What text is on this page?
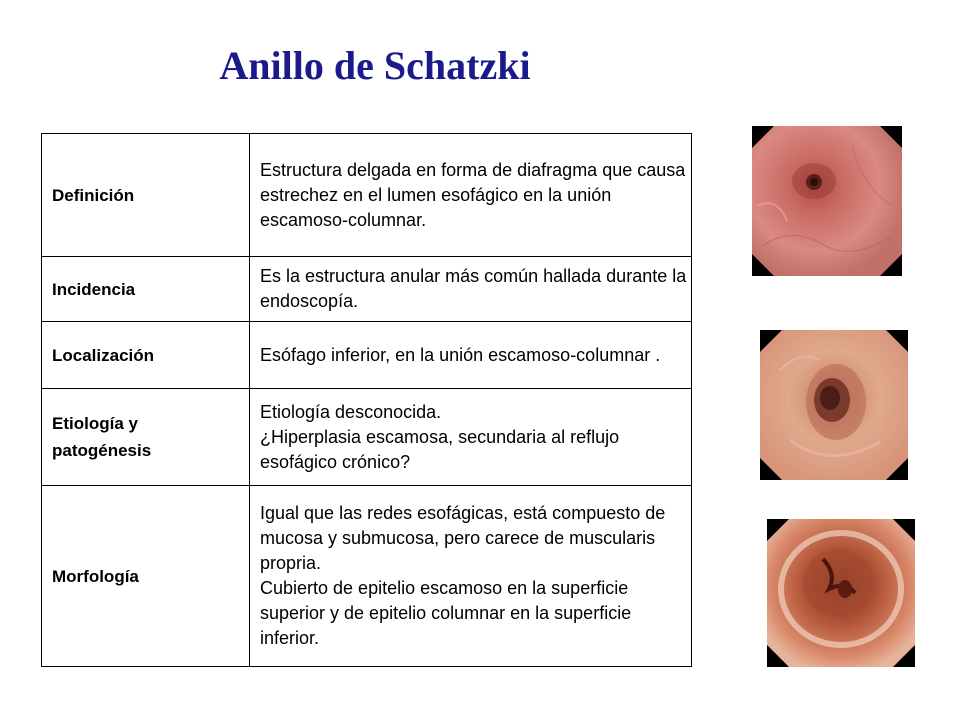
Anillo de Schatzki
Definición	Estructura delgada en forma de diafragma que causa estrechez en el lumen esofágico en la unión escamoso-columnar.
Incidencia	Es la estructura anular más común hallada durante la endoscopía.
Localización	Esófago inferior, en la unión escamoso-columnar .
Etiología y patogénesis	Etiología desconocida.
¿Hiperplasia escamosa, secundaria al reflujo esofágico crónico?

Morfología	Igual que las redes esofágicas, está compuesto de mucosa y submucosa, pero carece de muscularis propria.
Cubierto de epitelio escamoso en la superficie superior y de epitelio columnar en la superficie inferior.
